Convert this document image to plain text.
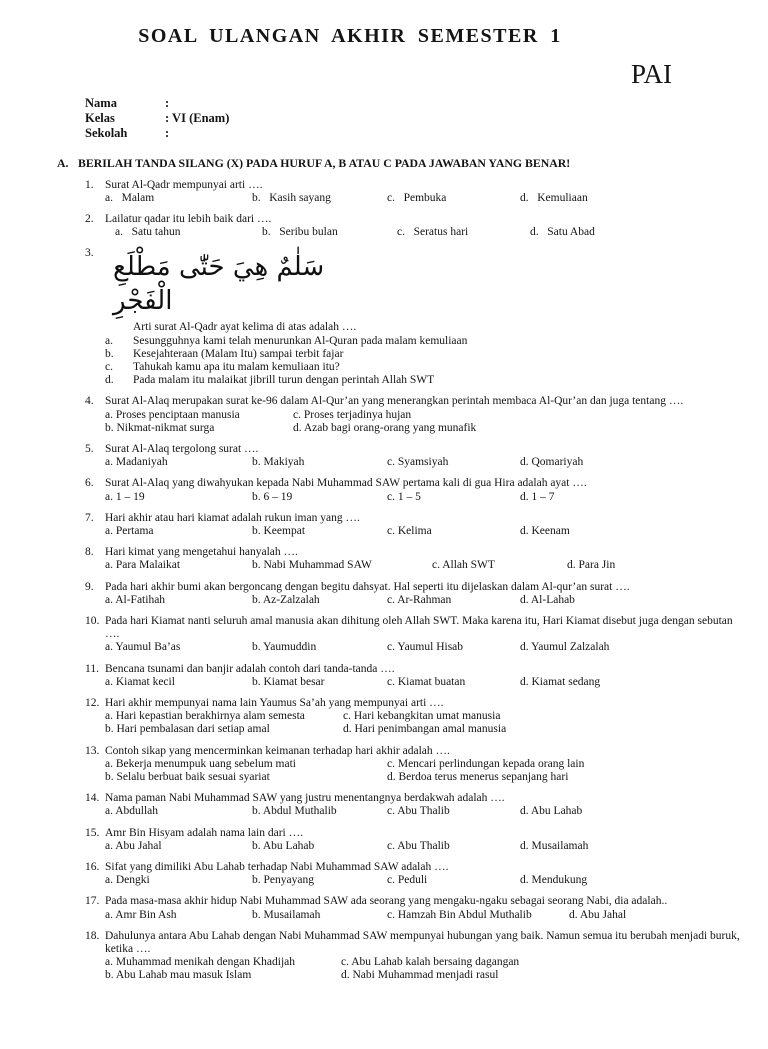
SOAL ULANGAN AKHIR SEMESTER 1
PAI
Nama	:
Kelas	: VI (Enam)
Sekolah	:
A. BERILAH TANDA SILANG (X) PADA HURUF A, B ATAU C PADA JAWABAN YANG BENAR!
1. Surat Al-Qadr mempunyai arti ….
a.   Malam	b.   Kasih sayang	c.   Pembuka	d.   Kemuliaan
2. Lailatur qadar itu lebih baik dari ….
a.   Satu tahun	b.   Seribu bulan	c.   Seratus hari	d.   Satu Abad
3. سَلٰمٌ هِيَ حَتّٰى مَطْلَعِ الْفَجْرِ
Arti surat Al-Qadr ayat kelima di atas adalah ….
a.	Sesungguhnya kami telah menurunkan Al-Quran pada malam kemuliaan
b.	Kesejahteraan (Malam Itu) sampai terbit fajar
c.	Tahukah kamu apa itu malam kemuliaan itu?
d.	Pada malam itu malaikat jibrill turun dengan perintah Allah SWT
4. Surat Al-Alaq merupakan surat ke-96 dalam Al-Qur’an yang menerangkan perintah membaca Al-Qur’an dan juga tentang ….
a. Proses penciptaan manusia	c. Proses terjadinya hujan
b. Nikmat-nikmat surga	d. Azab bagi orang-orang yang munafik
5. Surat Al-Alaq tergolong surat ….
a. Madaniyah	b. Makiyah	c. Syamsiyah	d. Qomariyah
6. Surat Al-Alaq yang diwahyukan kepada Nabi Muhammad SAW pertama kali di gua Hira adalah ayat ….
a. 1 – 19	b. 6 – 19	c. 1 – 5	d. 1 – 7
7. Hari akhir atau hari kiamat adalah rukun iman yang ….
a. Pertama	b. Keempat	c. Kelima	d. Keenam
8. Hari kimat yang mengetahui hanyalah ….
a. Para Malaikat	b. Nabi Muhammad SAW	c. Allah SWT	d. Para Jin
9. Pada hari akhir bumi akan bergoncang dengan begitu dahsyat. Hal seperti itu dijelaskan dalam Al-qur’an surat ….
a. Al-Fatihah	b. Az-Zalzalah	c. Ar-Rahman	d. Al-Lahab
10. Pada hari Kiamat nanti seluruh amal manusia akan dihitung oleh Allah SWT. Maka karena itu, Hari Kiamat disebut juga dengan sebutan ….
a. Yaumul Ba’as	b. Yaumuddin	c. Yaumul Hisab	d. Yaumul Zalzalah
11. Bencana tsunami dan banjir adalah contoh dari tanda-tanda ….
a. Kiamat kecil	b. Kiamat besar	c. Kiamat buatan	d. Kiamat sedang
12. Hari akhir mempunyai nama lain Yaumus Sa’ah yang mempunyai arti ….
a. Hari kepastian berakhirnya alam semesta	c. Hari kebangkitan umat manusia
b. Hari pembalasan dari setiap amal	d. Hari penimbangan amal manusia
13. Contoh sikap yang mencerminkan keimanan terhadap hari akhir adalah ….
a. Bekerja menumpuk uang sebelum mati	c. Mencari perlindungan kepada orang lain
b. Selalu berbuat baik sesuai syariat	d. Berdoa terus menerus sepanjang hari
14. Nama paman Nabi Muhammad SAW yang justru menentangnya berdakwah adalah ….
a. Abdullah	b. Abdul Muthalib	c. Abu Thalib	d. Abu Lahab
15. Amr Bin Hisyam adalah nama lain dari ….
a. Abu Jahal	b. Abu Lahab	c. Abu Thalib	d. Musailamah
16. Sifat yang dimiliki Abu Lahab terhadap Nabi Muhammad SAW adalah ….
a. Dengki	b. Penyayang	c. Peduli	d. Mendukung
17. Pada masa-masa akhir hidup Nabi Muhammad SAW ada seorang yang mengaku-ngaku sebagai seorang Nabi, dia adalah..
a. Amr Bin Ash	b. Musailamah	c. Hamzah Bin Abdul Muthalib	d. Abu Jahal
18. Dahulunya antara Abu Lahab dengan Nabi Muhammad SAW mempunyai hubungan yang baik. Namun semua itu berubah menjadi buruk, ketika ….
a. Muhammad menikah dengan Khadijah	c. Abu Lahab kalah bersaing dagangan
b. Abu Lahab mau masuk Islam	d. Nabi Muhammad menjadi rasul
